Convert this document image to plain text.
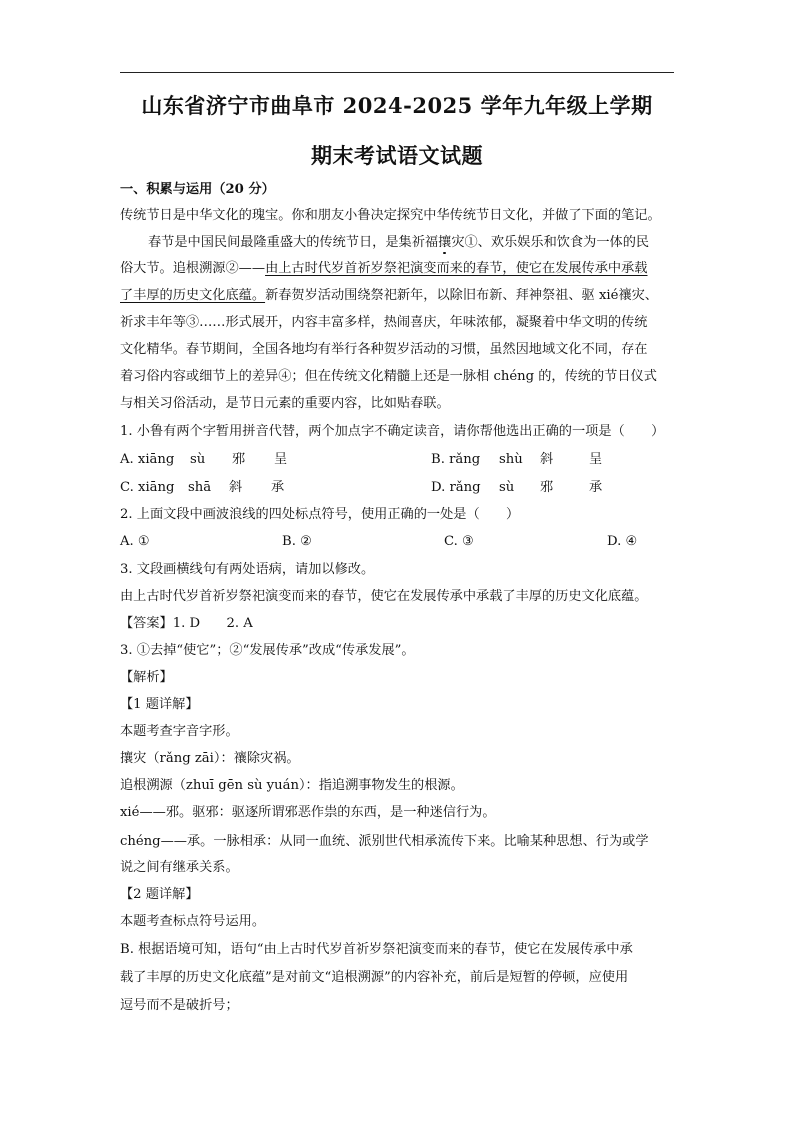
山东省济宁市曲阜市 2024-2025 学年九年级上学期
期末考试语文试题
一、积累与运用（20 分）
传统节日是中华文化的瑰宝。你和朋友小鲁决定探究中华传统节日文化，并做了下面的笔记。
春节是中国民间最隆重盛大的传统节日，是集祈福攘灾①、欢乐娱乐和饮食为一体的民
俗大节。追根溯源②——由上古时代岁首祈岁祭祀演变而来的春节，使它在发展传承中承载
了丰厚的历史文化底蕴。新春贺岁活动围绕祭祀新年，以除旧布新、拜神祭祖、驱 xié禳灾、
祈求丰年等③……形式展开，内容丰富多样，热闹喜庆，年味浓郁，凝聚着中华文明的传统
文化精华。春节期间，全国各地均有举行各种贺岁活动的习惯，虽然因地域文化不同，存在
着习俗内容或细节上的差异④；但在传统文化精髓上还是一脉相 chéng 的，传统的节日仪式
与相关习俗活动，是节日元素的重要内容，比如贴春联。
1. 小鲁有两个字暂用拼音代替，两个加点字不确定读音，请你帮他选出正确的一项是（　　）
A. xiāng sù 邪 呈	B. rǎng shù 斜	呈
C. xiāng shā 斜 承	D. rǎng sù 邪	承
2. 上面文段中画波浪线的四处标点符号，使用正确的一处是（　　）
A. ①	B. ②	C. ③	D. ④
3. 文段画横线句有两处语病，请加以修改。
由上古时代岁首祈岁祭祀演变而来的春节，使它在发展传承中承载了丰厚的历史文化底蕴。
【答案】1. D　　2. A
3. ①去掉“使它”；②“发展传承”改成“传承发展”。
【解析】
【1 题详解】
本题考查字音字形。
攘灾（rǎng zāi）：禳除灾祸。
追根溯源（zhuī gēn sù yuán）：指追溯事物发生的根源。
xié——邪。驱邪：驱逐所谓邪恶作祟的东西，是一种迷信行为。
chéng——承。一脉相承：从同一血统、派别世代相承流传下来。比喻某种思想、行为或学
说之间有继承关系。
【2 题详解】
本题考查标点符号运用。
B. 根据语境可知，语句“由上古时代岁首祈岁祭祀演变而来的春节，使它在发展传承中承
载了丰厚的历史文化底蕴”是对前文“追根溯源”的内容补充，前后是短暂的停顿，应使用
逗号而不是破折号；
